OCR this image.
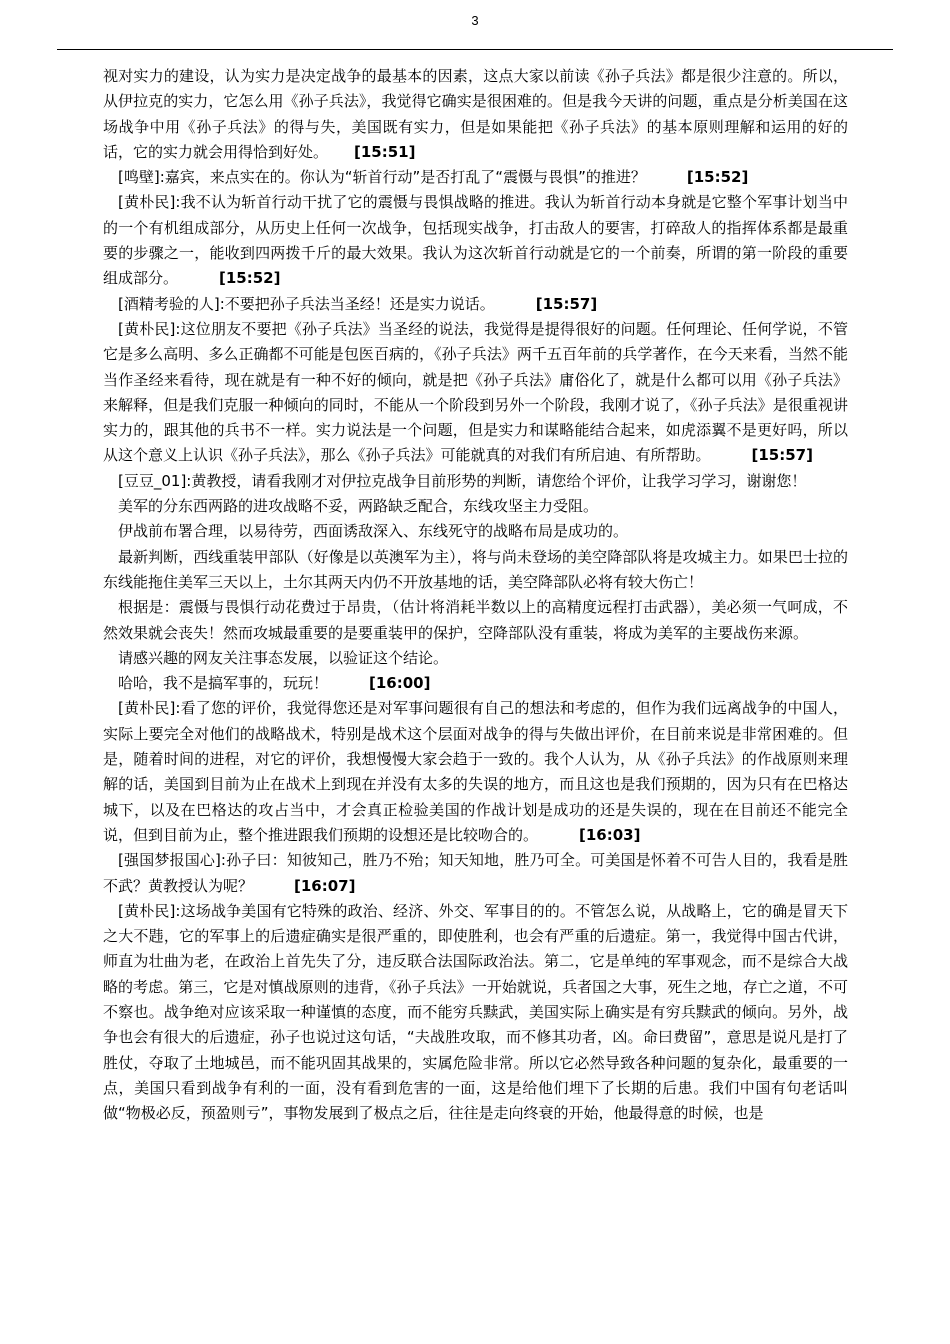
3

视对实力的建设，认为实力是决定战争的最基本的因素，这点大家以前读《孙子兵法》都是很少注意的。所以，从伊拉克的实力，它怎么用《孙子兵法》，我觉得它确实是很困难的。但是我今天讲的问题，重点是分析美国在这场战争中用《孙子兵法》的得与失，美国既有实力，但是如果能把《孙子兵法》的基本原则理解和运用的好的话，它的实力就会用得恰到好处。 [15:51]

[鸣壁]:嘉宾，来点实在的。你认为“斩首行动”是否打乱了“震慑与畏惧”的推进？	[15:52]

[黄朴民]:我不认为斩首行动干扰了它的震慑与畏惧战略的推进。我认为斩首行动本身就是它整个军事计划当中的一个有机组成部分，从历史上任何一次战争，包括现实战争，打击敌人的要害，打碎敌人的指挥体系都是最重要的步骤之一，能收到四两拨千斤的最大效果。我认为这次斩首行动就是它的一个前奏，所谓的第一阶段的重要组成部分。	[15:52]

[酒精考验的人]:不要把孙子兵法当圣经！还是实力说话。	[15:57]

[黄朴民]:这位朋友不要把《孙子兵法》当圣经的说法，我觉得是提得很好的问题。任何理论、任何学说，不管它是多么高明、多么正确都不可能是包医百病的，《孙子兵法》两千五百年前的兵学著作，在今天来看，当然不能当作圣经来看待，现在就是有一种不好的倾向，就是把《孙子兵法》庸俗化了，就是什么都可以用《孙子兵法》来解释，但是我们克服一种倾向的同时，不能从一个阶段到另外一个阶段，我刚才说了，《孙子兵法》是很重视讲实力的，跟其他的兵书不一样。实力说法是一个问题，但是实力和谋略能结合起来，如虎添翼不是更好吗，所以从这个意义上认识《孙子兵法》，那么《孙子兵法》可能就真的对我们有所启迪、有所帮助。	[15:57]

[豆豆_01]:黄教授，请看我刚才对伊拉克战争目前形势的判断，请您给个评价，让我学习学习，谢谢您！

美军的分东西两路的进攻战略不妥，两路缺乏配合，东线攻坚主力受阻。

伊战前布署合理，以易待劳，西面诱敌深入、东线死守的战略布局是成功的。

最新判断，西线重装甲部队（好像是以英澳军为主），将与尚未登场的美空降部队将是攻城主力。如果巴士拉的东线能拖住美军三天以上，土尔其两天内仍不开放基地的话，美空降部队必将有较大伤亡！

根据是：震慑与畏惧行动花费过于昂贵，（估计将消耗半数以上的高精度远程打击武器），美必须一气呵成，不然效果就会丧失！然而攻城最重要的是要重装甲的保护，空降部队没有重装，将成为美军的主要战伤来源。

请感兴趣的网友关注事态发展，以验证这个结论。

哈哈，我不是搞军事的，玩玩！	[16:00]

[黄朴民]:看了您的评价，我觉得您还是对军事问题很有自己的想法和考虑的，但作为我们远离战争的中国人，实际上要完全对他们的战略战术，特别是战术这个层面对战争的得与失做出评价，在目前来说是非常困难的。但是，随着时间的进程，对它的评价，我想慢慢大家会趋于一致的。我个人认为，从《孙子兵法》的作战原则来理解的话，美国到目前为止在战术上到现在并没有太多的失误的地方，而且这也是我们预期的，因为只有在巴格达城下，以及在巴格达的攻占当中，才会真正检验美国的作战计划是成功的还是失误的，现在在目前还不能完全说，但到目前为止，整个推进跟我们预期的设想还是比较吻合的。	[16:03]

[强国梦报国心]:孙子曰：知彼知己，胜乃不殆；知天知地，胜乃可全。可美国是怀着不可告人目的，我看是胜不武？黄教授认为呢？	[16:07]

[黄朴民]:这场战争美国有它特殊的政治、经济、外交、军事目的的。不管怎么说，从战略上，它的确是冒天下之大不韪，它的军事上的后遗症确实是很严重的，即使胜利，也会有严重的后遗症。第一，我觉得中国古代讲，师直为壮曲为老，在政治上首先失了分，违反联合法国际政治法。第二，它是单纯的军事观念，而不是综合大战略的考虑。第三，它是对慎战原则的违背，《孙子兵法》一开始就说，兵者国之大事，死生之地，存亡之道，不可不察也。战争绝对应该采取一种谨慎的态度，而不能穷兵黩武，美国实际上确实是有穷兵黩武的倾向。另外，战争也会有很大的后遗症，孙子也说过这句话，“夫战胜攻取，而不修其功者，凶。命曰费留”，意思是说凡是打了胜仗，夺取了土地城邑，而不能巩固其战果的，实属危险非常。所以它必然导致各种问题的复杂化，最重要的一点，美国只看到战争有利的一面，没有看到危害的一面，这是给他们埋下了长期的后患。我们中国有句老话叫做“物极必反，预盈则亏”，事物发展到了极点之后，往往是走向终衰的开始，他最得意的时候，也是
